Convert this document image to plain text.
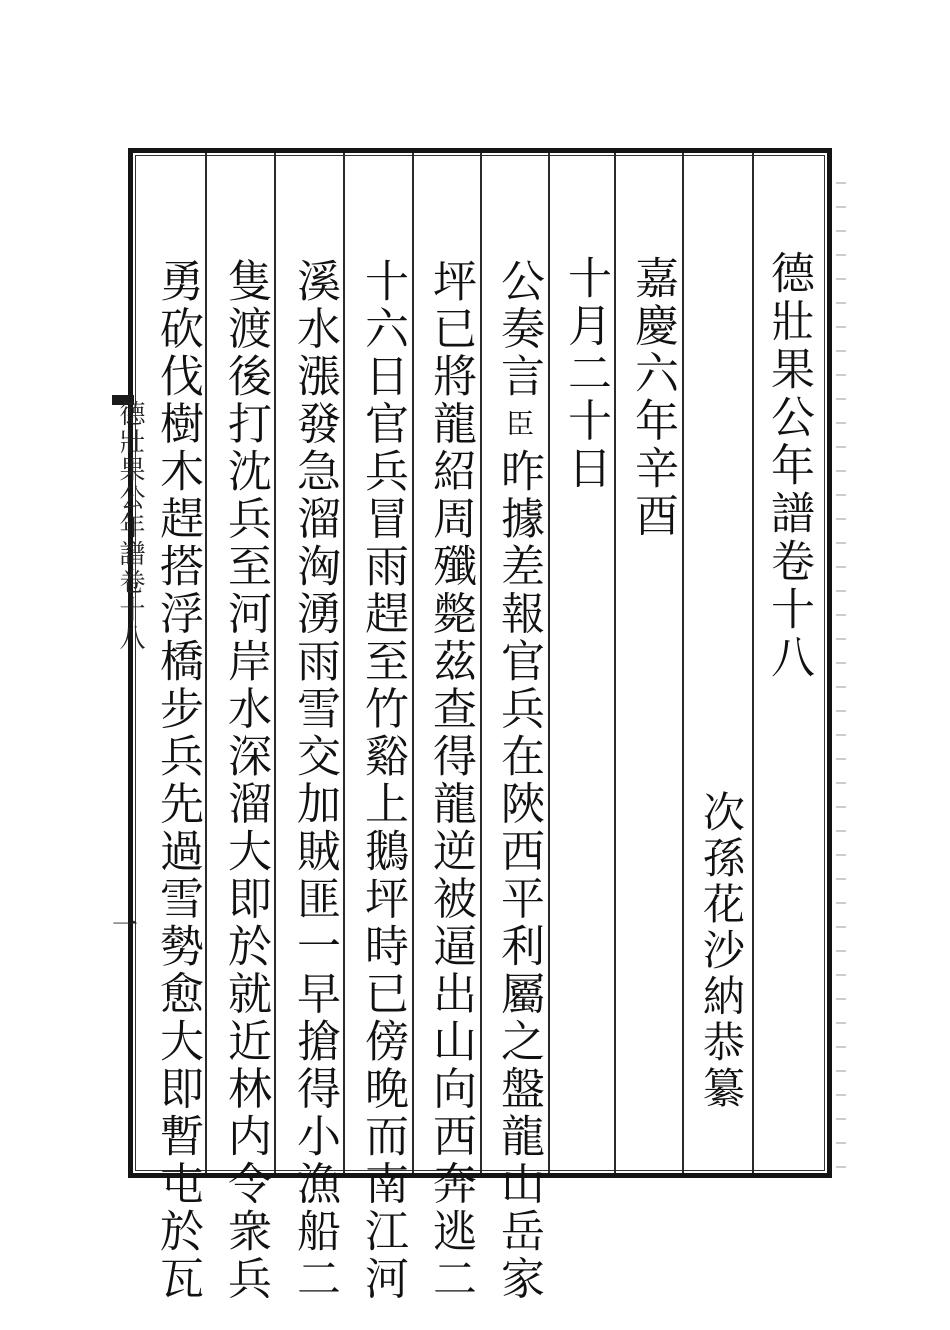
德壯果公年譜卷十八
次孫花沙納恭纂
嘉慶六年辛酉
十月二十日
公奏言臣昨據差報官兵在陜西平利屬之盤龍山岳家
坪已將龍紹周殲斃茲查得龍逆被逼出山向西奔逃二
十六日官兵冒雨趕至竹谿上鵝坪時已傍晚而南江河
溪水漲發急溜洶湧雨雪交加賊匪一早搶得小漁船二
隻渡後打沈兵至河岸水深溜大即於就近林内令衆兵
勇砍伐樹木趕搭浮橋步兵先過雪勢愈大即暫屯於瓦
德壯果公年譜卷十八
一
